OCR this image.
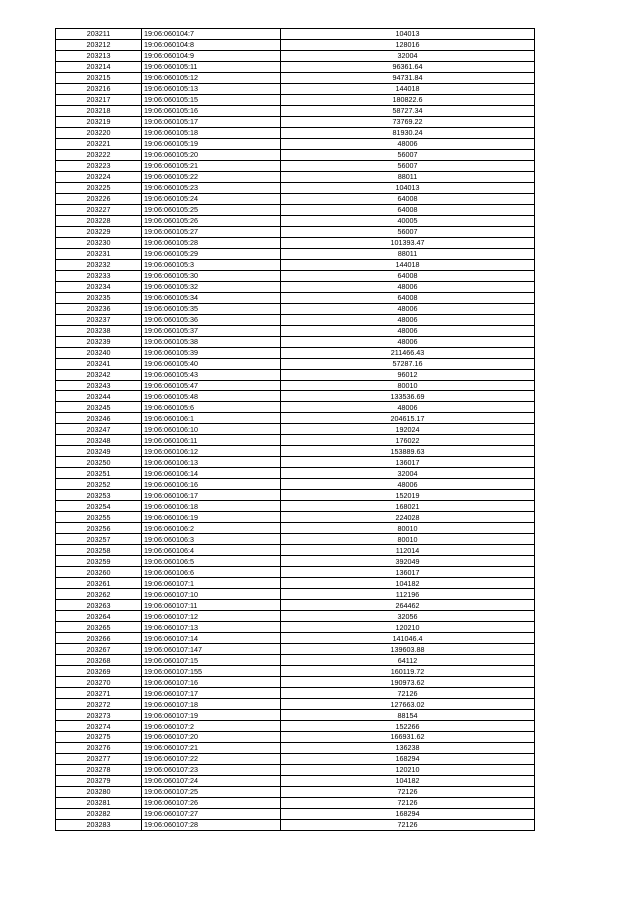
203211	19:06:060104:7	104013
203212	19:06:060104:8	128016
203213	19:06:060104:9	32004
203214	19:06:060105:11	96361.64
203215	19:06:060105:12	94731.84
203216	19:06:060105:13	144018
203217	19:06:060105:15	180822.6
203218	19:06:060105:16	58727.34
203219	19:06:060105:17	73769.22
203220	19:06:060105:18	81930.24
203221	19:06:060105:19	48006
203222	19:06:060105:20	56007
203223	19:06:060105:21	56007
203224	19:06:060105:22	88011
203225	19:06:060105:23	104013
203226	19:06:060105:24	64008
203227	19:06:060105:25	64008
203228	19:06:060105:26	40005
203229	19:06:060105:27	56007
203230	19:06:060105:28	101393.47
203231	19:06:060105:29	88011
203232	19:06:060105:3	144018
203233	19:06:060105:30	64008
203234	19:06:060105:32	48006
203235	19:06:060105:34	64008
203236	19:06:060105:35	48006
203237	19:06:060105:36	48006
203238	19:06:060105:37	48006
203239	19:06:060105:38	48006
203240	19:06:060105:39	211466.43
203241	19:06:060105:40	57287.16
203242	19:06:060105:43	96012
203243	19:06:060105:47	80010
203244	19:06:060105:48	133536.69
203245	19:06:060105:6	48006
203246	19:06:060106:1	204615.17
203247	19:06:060106:10	192024
203248	19:06:060106:11	176022
203249	19:06:060106:12	153889.63
203250	19:06:060106:13	136017
203251	19:06:060106:14	32004
203252	19:06:060106:16	48006
203253	19:06:060106:17	152019
203254	19:06:060106:18	168021
203255	19:06:060106:19	224028
203256	19:06:060106:2	80010
203257	19:06:060106:3	80010
203258	19:06:060106:4	112014
203259	19:06:060106:5	392049
203260	19:06:060106:6	136017
203261	19:06:060107:1	104182
203262	19:06:060107:10	112196
203263	19:06:060107:11	264462
203264	19:06:060107:12	32056
203265	19:06:060107:13	120210
203266	19:06:060107:14	141046.4
203267	19:06:060107:147	139603.88
203268	19:06:060107:15	64112
203269	19:06:060107:155	160119.72
203270	19:06:060107:16	190973.62
203271	19:06:060107:17	72126
203272	19:06:060107:18	127663.02
203273	19:06:060107:19	88154
203274	19:06:060107:2	152266
203275	19:06:060107:20	166931.62
203276	19:06:060107:21	136238
203277	19:06:060107:22	168294
203278	19:06:060107:23	120210
203279	19:06:060107:24	104182
203280	19:06:060107:25	72126
203281	19:06:060107:26	72126
203282	19:06:060107:27	168294
203283	19:06:060107:28	72126
